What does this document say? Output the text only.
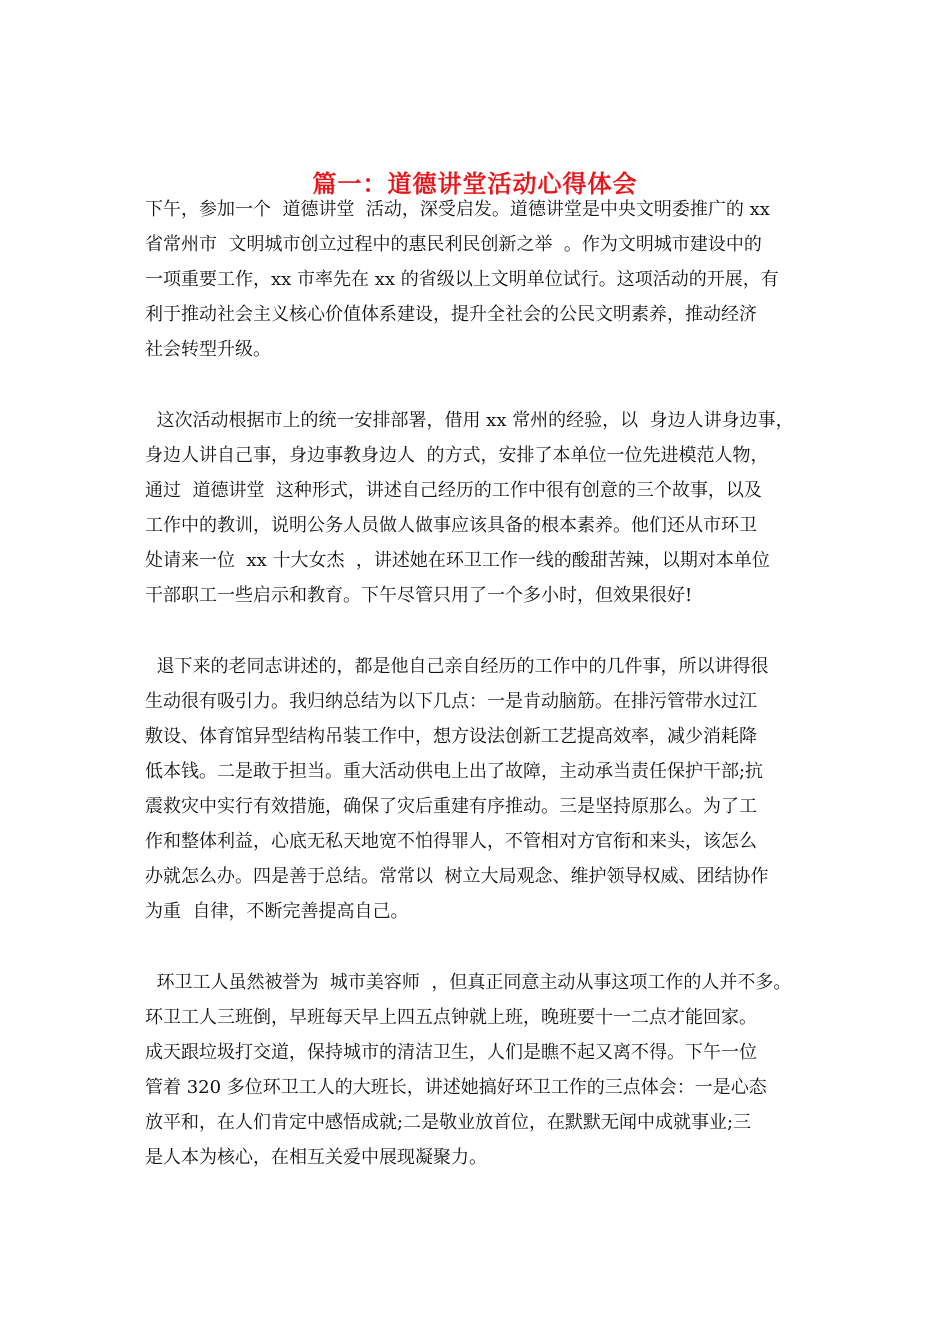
篇一：道德讲堂活动心得体会
下午，参加一个  道德讲堂  活动，深受启发。道德讲堂是中央文明委推广的 xx
省常州市  文明城市创立过程中的惠民利民创新之举  。作为文明城市建设中的
一项重要工作，xx 市率先在 xx 的省级以上文明单位试行。这项活动的开展，有
利于推动社会主义核心价值体系建设，提升全社会的公民文明素养，推动经济
社会转型升级。
这次活动根据市上的统一安排部署，借用 xx 常州的经验，以  身边人讲身边事，
身边人讲自己事，身边事教身边人  的方式，安排了本单位一位先进模范人物，
通过  道德讲堂  这种形式，讲述自己经历的工作中很有创意的三个故事，以及
工作中的教训，说明公务人员做人做事应该具备的根本素养。他们还从市环卫
处请来一位  xx 十大女杰  ，讲述她在环卫工作一线的酸甜苦辣，以期对本单位
干部职工一些启示和教育。下午尽管只用了一个多小时，但效果很好!
退下来的老同志讲述的，都是他自己亲自经历的工作中的几件事，所以讲得很
生动很有吸引力。我归纳总结为以下几点：一是肯动脑筋。在排污管带水过江
敷设、体育馆异型结构吊装工作中，想方设法创新工艺提高效率，减少消耗降
低本钱。二是敢于担当。重大活动供电上出了故障，主动承当责任保护干部;抗
震救灾中实行有效措施，确保了灾后重建有序推动。三是坚持原那么。为了工
作和整体利益，心底无私天地宽不怕得罪人，不管相对方官衔和来头，该怎么
办就怎么办。四是善于总结。常常以  树立大局观念、维护领导权威、团结协作
为重  自律，不断完善提高自己。
环卫工人虽然被誉为  城市美容师  ，但真正同意主动从事这项工作的人并不多。
环卫工人三班倒，早班每天早上四五点钟就上班，晚班要十一二点才能回家。
成天跟垃圾打交道，保持城市的清洁卫生，人们是瞧不起又离不得。下午一位
管着 320 多位环卫工人的大班长，讲述她搞好环卫工作的三点体会：一是心态
放平和，在人们肯定中感悟成就;二是敬业放首位，在默默无闻中成就事业;三
是人本为核心，在相互关爱中展现凝聚力。
